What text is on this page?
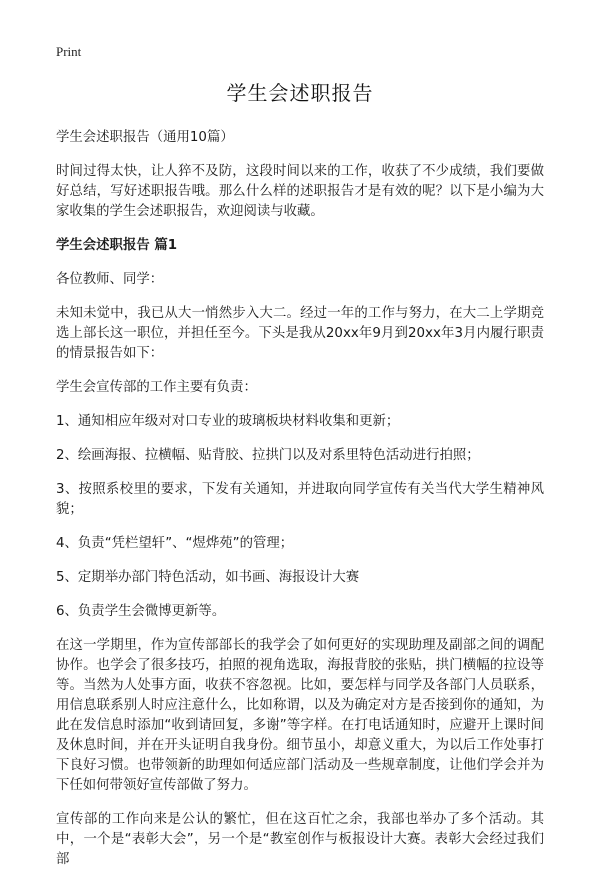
Print
学生会述职报告

学生会述职报告（通用10篇）

时间过得太快，让人猝不及防，这段时间以来的工作，收获了不少成绩，我们要做好总结，写好述职报告哦。那么什么样的述职报告才是有效的呢？以下是小编为大家收集的学生会述职报告，欢迎阅读与收藏。

学生会述职报告 篇1

各位教师、同学：

未知未觉中，我已从大一悄然步入大二。经过一年的工作与努力，在大二上学期竞选上部长这一职位，并担任至今。下头是我从20xx年9月到20xx年3月内履行职责的情景报告如下：

学生会宣传部的工作主要有负责：

1、通知相应年级对对口专业的玻璃板块材料收集和更新；

2、绘画海报、拉横幅、贴背胶、拉拱门以及对系里特色活动进行拍照；

3、按照系校里的要求，下发有关通知，并进取向同学宣传有关当代大学生精神风貌；

4、负责“凭栏望轩”、“煜烨苑”的管理；

5、定期举办部门特色活动，如书画、海报设计大赛

6、负责学生会微博更新等。

在这一学期里，作为宣传部部长的我学会了如何更好的实现助理及副部之间的调配协作。也学会了很多技巧，拍照的视角选取，海报背胶的张贴，拱门横幅的拉设等等。当然为人处事方面，收获不容忽视。比如，要怎样与同学及各部门人员联系，用信息联系别人时应注意什么，比如称谓，以及为确定对方是否接到你的通知，为此在发信息时添加“收到请回复，多谢”等字样。在打电话通知时，应避开上课时间及休息时间，并在开头证明自我身份。细节虽小，却意义重大，为以后工作处事打下良好习惯。也带领新的助理如何适应部门活动及一些规章制度，让他们学会并为下任如何带领好宣传部做了努力。

宣传部的工作向来是公认的繁忙，但在这百忙之余，我部也举办了多个活动。其中，一个是“表彰大会”，另一个是“教室创作与板报设计大赛。表彰大会经过我们部
